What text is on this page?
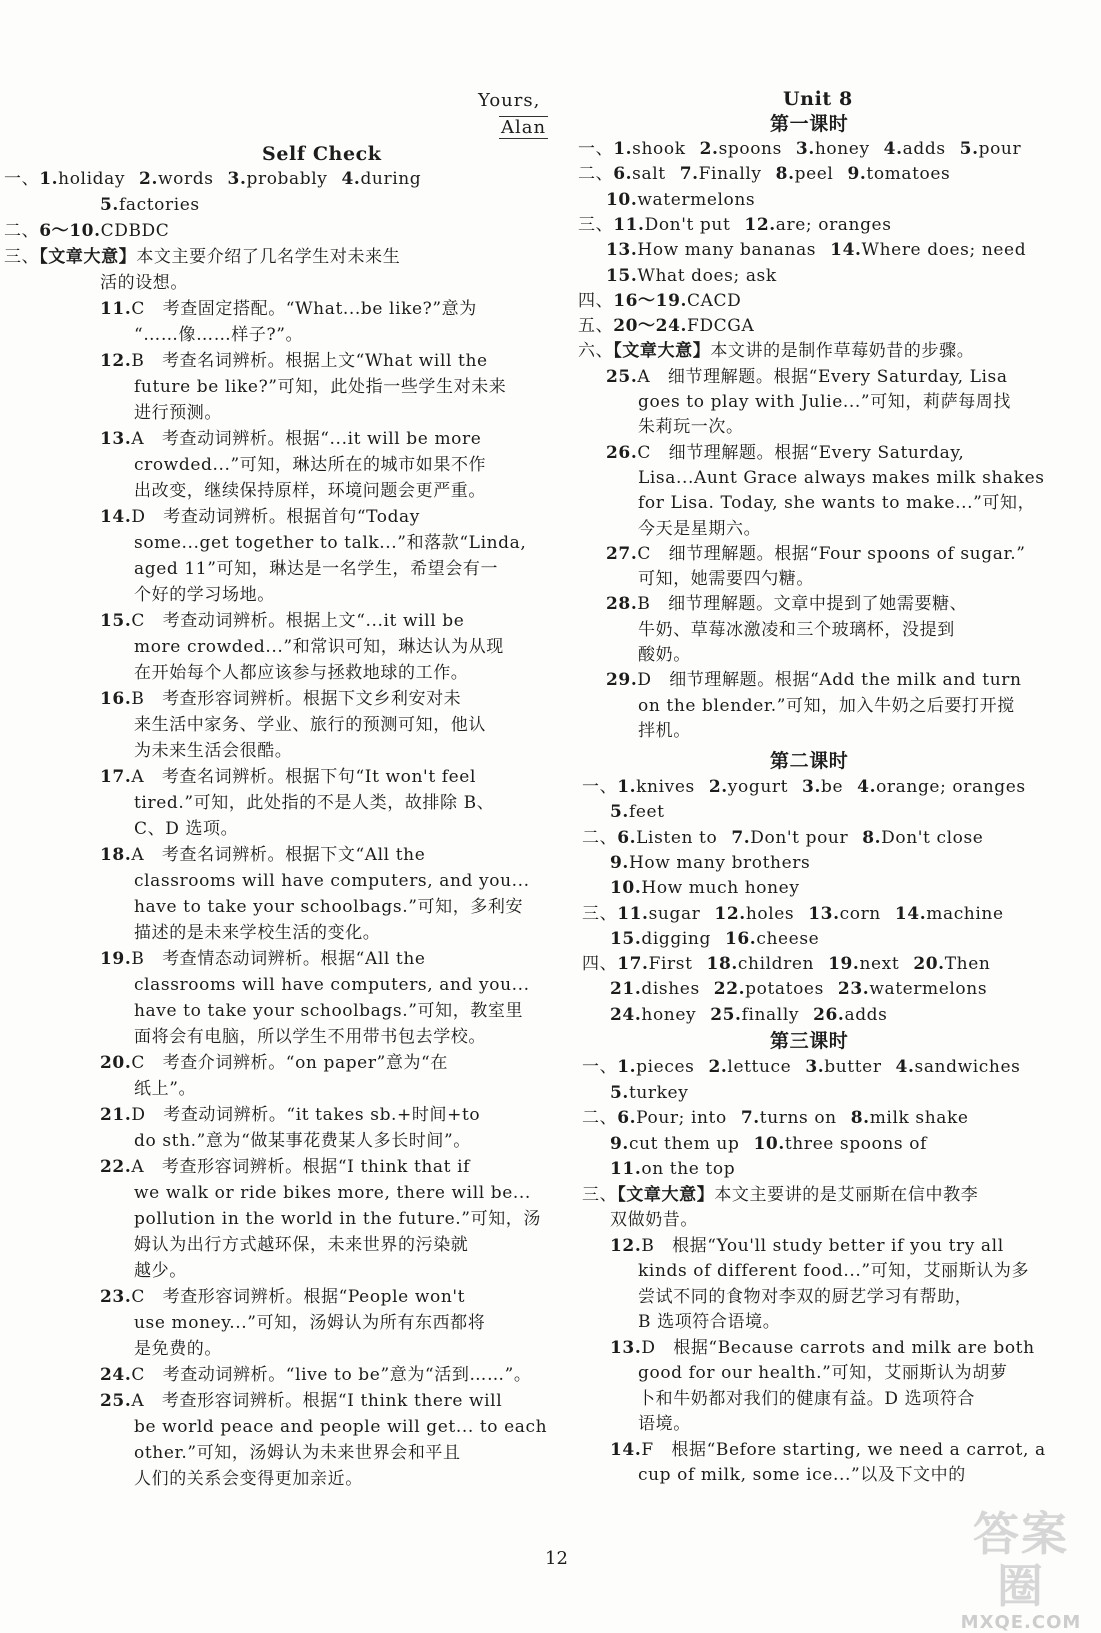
Yours,
Alan
Self Check
一、1.holiday 2.words 3.probably 4.during
5.factories
二、6～10.CDBDC
三、【文章大意】本文主要介绍了几名学生对未来生
活的设想。
11.C　考查固定搭配。“What...be like?”意为
“……像……样子?”。
12.B　考查名词辨析。根据上文“What will the
future be like?”可知，此处指一些学生对未来
进行预测。
13.A　考查动词辨析。根据“...it will be more
crowded...”可知，琳达所在的城市如果不作
出改变，继续保持原样，环境问题会更严重。
14.D　考查动词辨析。根据首句“Today
some...get together to talk...”和落款“Linda,
aged 11”可知，琳达是一名学生，希望会有一
个好的学习场地。
15.C　考查动词辨析。根据上文“...it will be
more crowded...”和常识可知，琳达认为从现
在开始每个人都应该参与拯救地球的工作。
16.B　考查形容词辨析。根据下文乡利安对未
来生活中家务、学业、旅行的预测可知，他认
为未来生活会很酷。
17.A　考查名词辨析。根据下句“It won't feel
tired.”可知，此处指的不是人类，故排除 B、
C、D 选项。
18.A　考查名词辨析。根据下文“All the
classrooms will have computers, and you...
have to take your schoolbags.”可知，多利安
描述的是未来学校生活的变化。
19.B　考查情态动词辨析。根据“All the
classrooms will have computers, and you...
have to take your schoolbags.”可知，教室里
面将会有电脑，所以学生不用带书包去学校。
20.C　考查介词辨析。“on paper”意为“在
纸上”。
21.D　考查动词辨析。“it takes sb.+时间+to
do sth.”意为“做某事花费某人多长时间”。
22.A　考查形容词辨析。根据“I think that if
we walk or ride bikes more, there will be...
pollution in the world in the future.”可知，汤
姆认为出行方式越环保，未来世界的污染就
越少。
23.C　考查形容词辨析。根据“People won't
use money...”可知，汤姆认为所有东西都将
是免费的。
24.C　考查动词辨析。“live to be”意为“活到……”。
25.A　考查形容词辨析。根据“I think there will
be world peace and people will get... to each
other.”可知，汤姆认为未来世界会和平且
人们的关系会变得更加亲近。
Unit 8
第一课时
一、1.shook 2.spoons 3.honey 4.adds 5.pour
二、6.salt 7.Finally 8.peel 9.tomatoes
10.watermelons
三、11.Don't put 12.are; oranges
13.How many bananas 14.Where does; need
15.What does; ask
四、16～19.CACD
五、20～24.FDCGA
六、【文章大意】本文讲的是制作草莓奶昔的步骤。
25.A　细节理解题。根据“Every Saturday, Lisa
goes to play with Julie...”可知，莉萨每周找
朱莉玩一次。
26.C　细节理解题。根据“Every Saturday,
Lisa...Aunt Grace always makes milk shakes
for Lisa. Today, she wants to make...”可知，
今天是星期六。
27.C　细节理解题。根据“Four spoons of sugar.”
可知，她需要四勺糖。
28.B　细节理解题。文章中提到了她需要糖、
牛奶、草莓冰激凌和三个玻璃杯，没提到
酸奶。
29.D　细节理解题。根据“Add the milk and turn
on the blender.”可知，加入牛奶之后要打开搅
拌机。
第二课时
一、1.knives 2.yogurt 3.be 4.orange; oranges
5.feet
二、6.Listen to 7.Don't pour 8.Don't close
9.How many brothers
10.How much honey
三、11.sugar 12.holes 13.corn 14.machine
15.digging 16.cheese
四、17.First 18.children 19.next 20.Then
21.dishes 22.potatoes 23.watermelons
24.honey 25.finally 26.adds
第三课时
一、1.pieces 2.lettuce 3.butter 4.sandwiches
5.turkey
二、6.Pour; into 7.turns on 8.milk shake
9.cut them up 10.three spoons of
11.on the top
三、【文章大意】本文主要讲的是艾丽斯在信中教李
双做奶昔。
12.B　根据“You'll study better if you try all
kinds of different food...”可知，艾丽斯认为多
尝试不同的食物对李双的厨艺学习有帮助，
B 选项符合语境。
13.D　根据“Because carrots and milk are both
good for our health.”可知，艾丽斯认为胡萝
卜和牛奶都对我们的健康有益。D 选项符合
语境。
14.F　根据“Before starting, we need a carrot, a
cup of milk, some ice...”以及下文中的
12	答案圈
MXQE.COM
